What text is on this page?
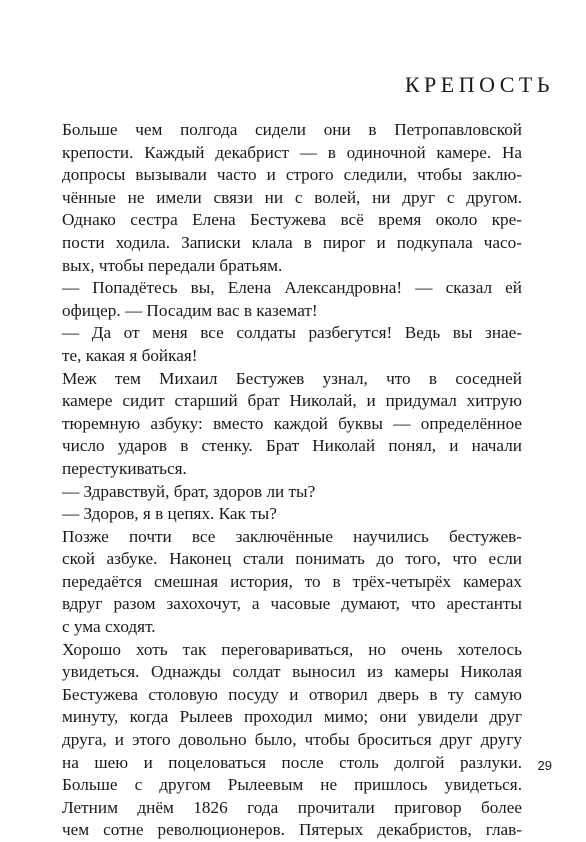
КРЕПОСТЬ
Больше чем полгода сидели они в Петропавловской
крепости. Каждый декабрист — в одиночной камере. На
допросы вызывали часто и строго следили, чтобы заклю-
чённые не имели связи ни с волей, ни друг с другом.
Однако сестра Елена Бестужева всё время около кре-
пости ходила. Записки клала в пирог и подкупала часо-
вых, чтобы передали братьям.
— Попадётесь вы, Елена Александровна! — сказал ей
офицер. — Посадим вас в каземат!
— Да от меня все солдаты разбегутся! Ведь вы знае-
те, какая я бойкая!
Меж тем Михаил Бестужев узнал, что в соседней
камере сидит старший брат Николай, и придумал хитрую
тюремную азбуку: вместо каждой буквы — определённое
число ударов в стенку. Брат Николай понял, и начали
перестукиваться.
— Здравствуй, брат, здоров ли ты?
— Здоров, я в цепях. Как ты?
Позже почти все заключённые научились бестужев-
ской азбуке. Наконец стали понимать до того, что если
передаётся смешная история, то в трёх-четырёх камерах
вдруг разом захохочут, а часовые думают, что арестанты
с ума сходят.
Хорошо хоть так переговариваться, но очень хотелось
увидеться. Однажды солдат выносил из камеры Николая
Бестужева столовую посуду и отворил дверь в ту самую
минуту, когда Рылеев проходил мимо; они увидели друг
друга, и этого довольно было, чтобы броситься друг другу
на шею и поцеловаться после столь долгой разлуки.
Больше с другом Рылеевым не пришлось увидеться.
Летним днём 1826 года прочитали приговор более
чем сотне революционеров. Пятерых декабристов, глав-
29
